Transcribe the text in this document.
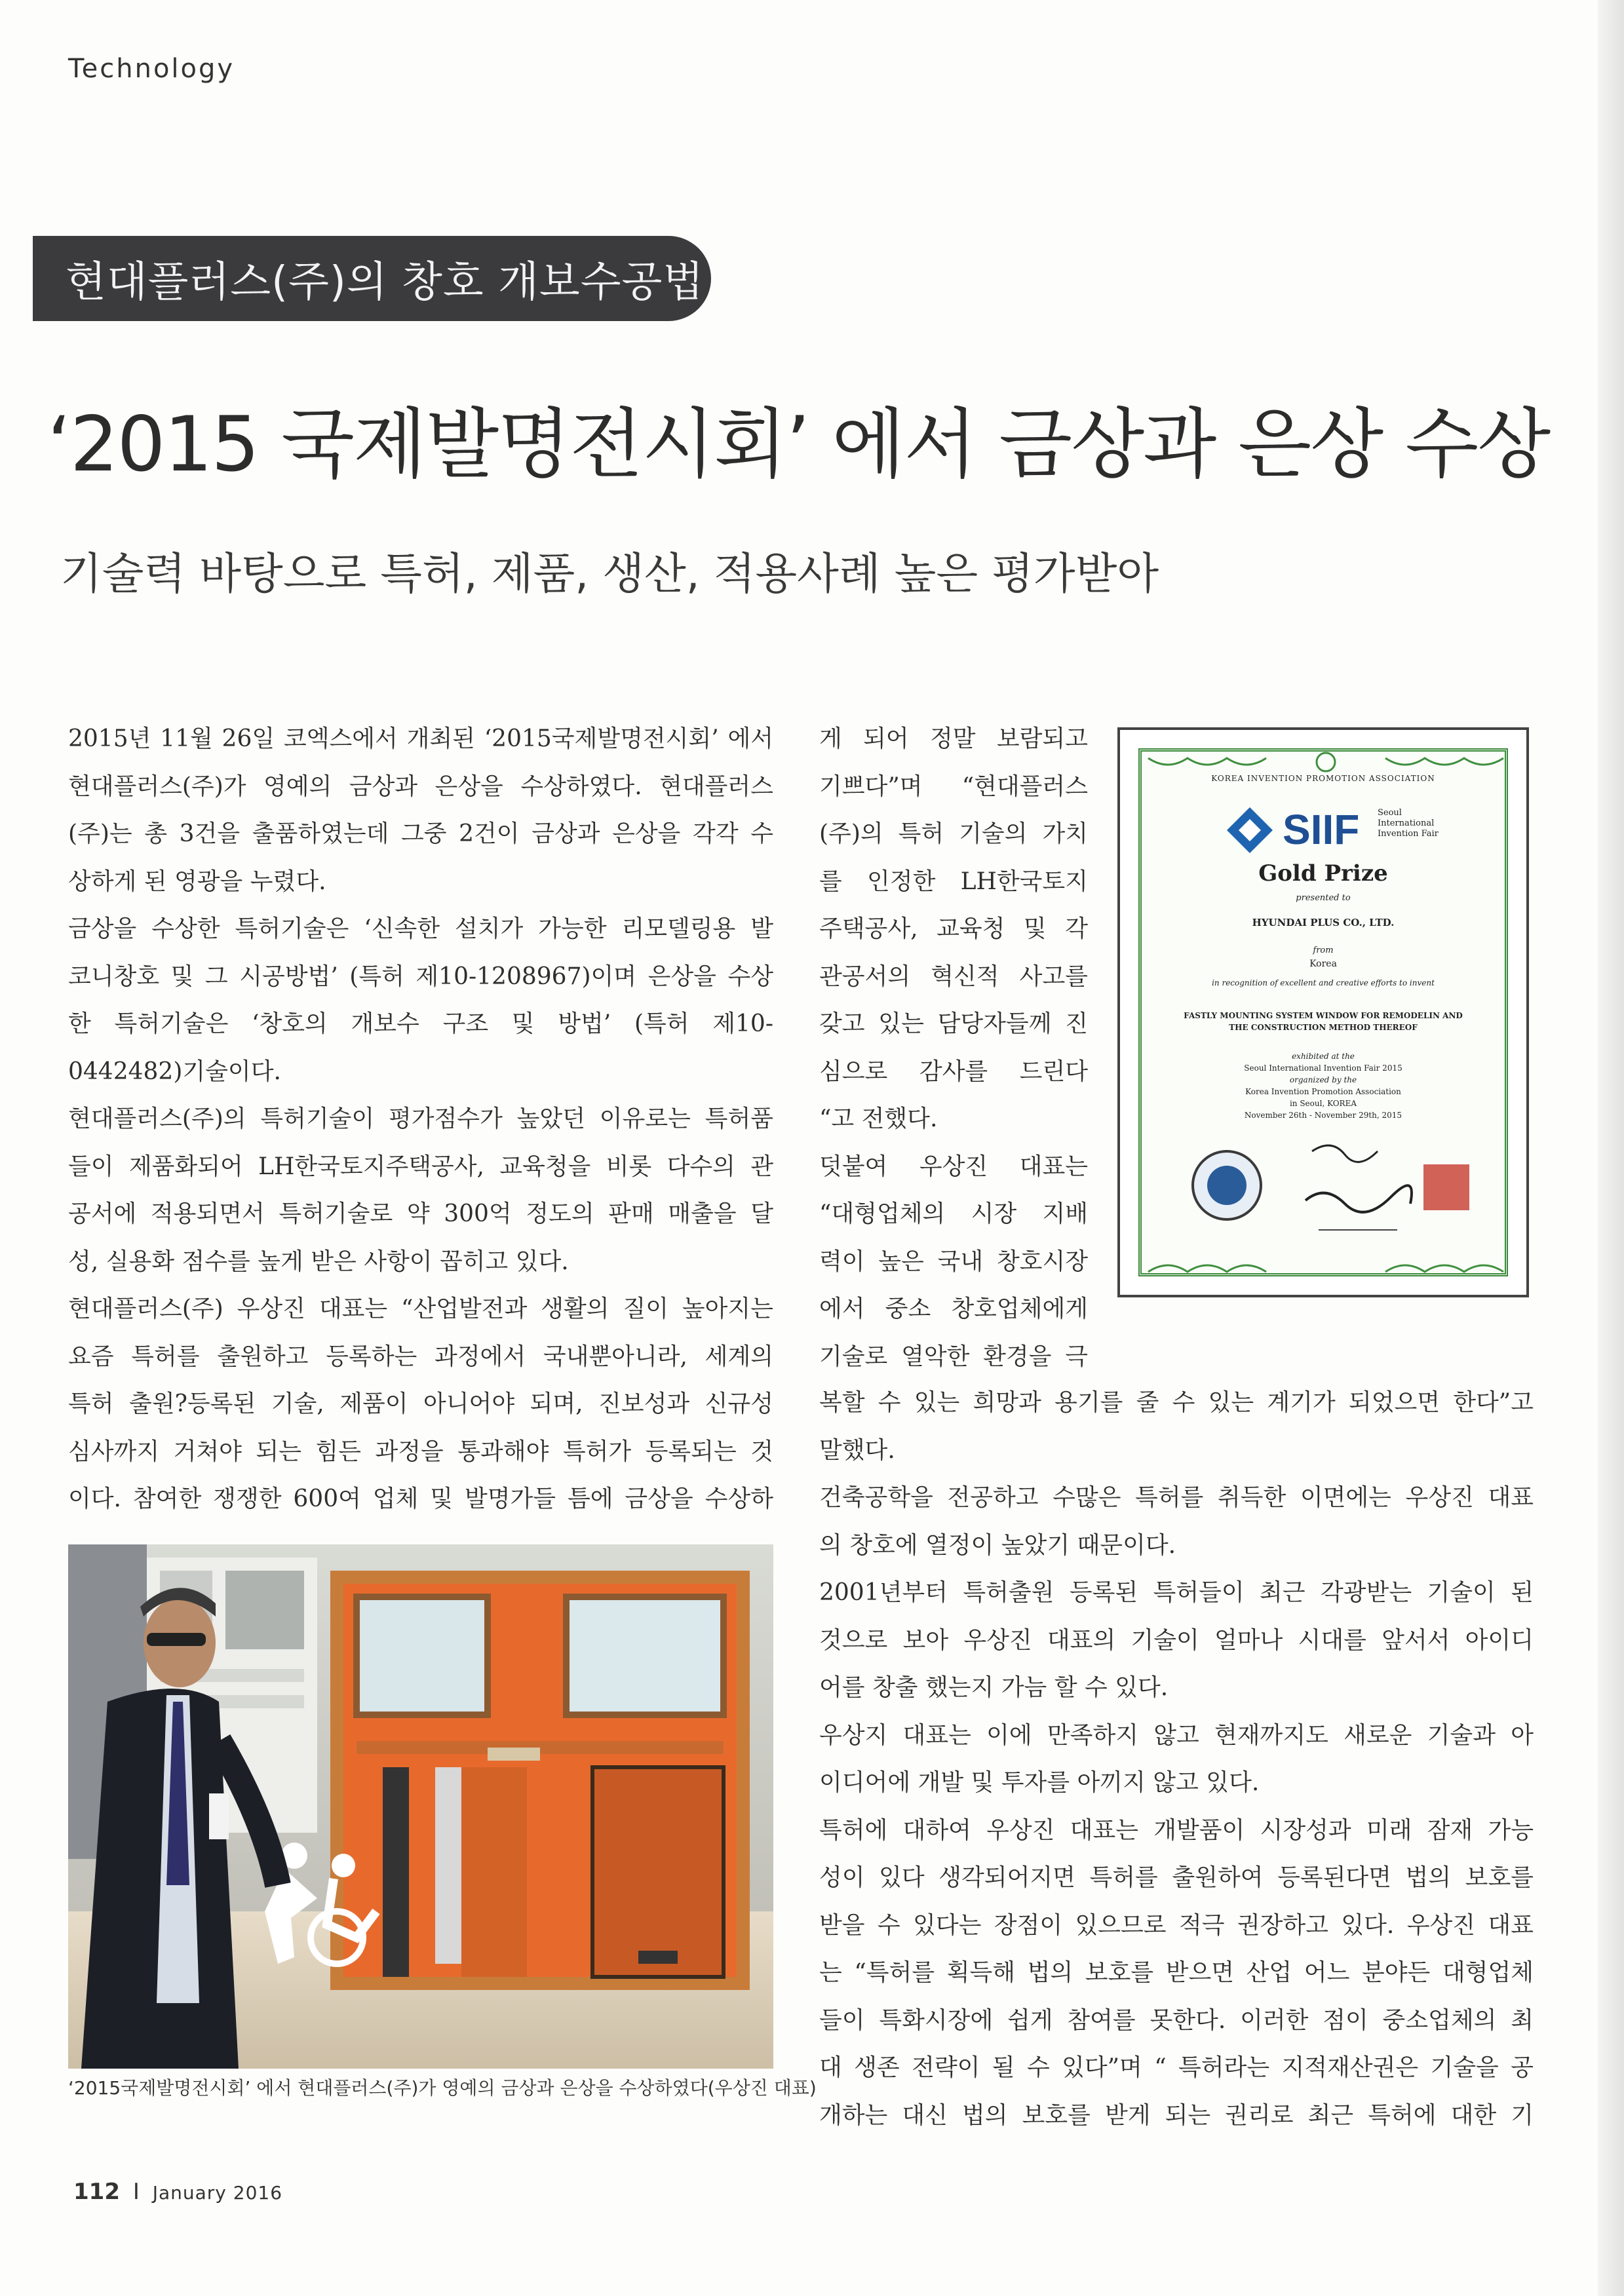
Technology
현대플러스(주)의 창호 개보수공법
‘2015 국제발명전시회’ 에서 금상과 은상 수상
기술력 바탕으로 특허, 제품, 생산, 적용사례 높은 평가받아
2015년 11월 26일 코엑스에서 개최된 ‘2015국제발명전시회’ 에서
현대플러스(주)가 영예의 금상과 은상을 수상하였다. 현대플러스
(주)는 총 3건을 출품하였는데 그중 2건이 금상과 은상을 각각 수
상하게 된 영광을 누렸다.
금상을 수상한 특허기술은 ‘신속한 설치가 가능한 리모델링용 발
코니창호 및 그 시공방법’ (특허 제10-1208967)이며 은상을 수상
한 특허기술은 ‘창호의 개보수 구조 및 방법’ (특허 제10-
0442482)기술이다.
현대플러스(주)의 특허기술이 평가점수가 높았던 이유로는 특허품
들이 제품화되어 LH한국토지주택공사, 교육청을 비롯 다수의 관
공서에 적용되면서 특허기술로 약 300억 정도의 판매 매출을 달
성, 실용화 점수를 높게 받은 사항이 꼽히고 있다.
현대플러스(주) 우상진 대표는 “산업발전과 생활의 질이 높아지는
요즘 특허를 출원하고 등록하는 과정에서 국내뿐아니라, 세계의
특허 출원?등록된 기술, 제품이 아니어야 되며, 진보성과 신규성
심사까지 거쳐야 되는 힘든 과정을 통과해야 특허가 등록되는 것
이다. 참여한 쟁쟁한 600여 업체 및 발명가들 틈에 금상을 수상하
게 되어 정말 보람되고
기쁘다”며 “현대플러스
(주)의 특허 기술의 가치
를 인정한 LH한국토지
주택공사, 교육청 및 각
관공서의 혁신적 사고를
갖고 있는 담당자들께 진
심으로 감사를 드린다
“고 전했다.
덧붙여 우상진 대표는
“대형업체의 시장 지배
력이 높은 국내 창호시장
에서 중소 창호업체에게
기술로 열악한 환경을 극
KOREA INVENTION PROMOTION ASSOCIATION
SIIF Seoul
International
Invention Fair
Gold Prize
presented to
HYUNDAI PLUS CO., LTD.
from
Korea
in recognition of excellent and creative efforts to invent
FASTLY MOUNTING SYSTEM WINDOW FOR REMODELIN AND
THE CONSTRUCTION METHOD THEREOF
exhibited at the
Seoul International Invention Fair 2015
organized by the
Korea Invention Promotion Association
in Seoul, KOREA
November 26th - November 29th, 2015
‘2015국제발명전시회’ 에서 현대플러스(주)가 영예의 금상과 은상을 수상하였다(우상진 대표)
복할 수 있는 희망과 용기를 줄 수 있는 계기가 되었으면 한다”고
말했다.
건축공학을 전공하고 수많은 특허를 취득한 이면에는 우상진 대표
의 창호에 열정이 높았기 때문이다.
2001년부터 특허출원 등록된 특허들이 최근 각광받는 기술이 된
것으로 보아 우상진 대표의 기술이 얼마나 시대를 앞서서 아이디
어를 창출 했는지 가늠 할 수 있다.
우상지 대표는 이에 만족하지 않고 현재까지도 새로운 기술과 아
이디어에 개발 및 투자를 아끼지 않고 있다.
특허에 대하여 우상진 대표는 개발품이 시장성과 미래 잠재 가능
성이 있다 생각되어지면 특허를 출원하여 등록된다면 법의 보호를
받을 수 있다는 장점이 있으므로 적극 권장하고 있다. 우상진 대표
는 “특허를 획득해 법의 보호를 받으면 산업 어느 분야든 대형업체
들이 특화시장에 쉽게 참여를 못한다. 이러한 점이 중소업체의 최
대 생존 전략이 될 수 있다”며 “ 특허라는 지적재산권은 기술을 공
개하는 대신 법의 보호를 받게 되는 권리로 최근 특허에 대한 기
112 I January 2016
